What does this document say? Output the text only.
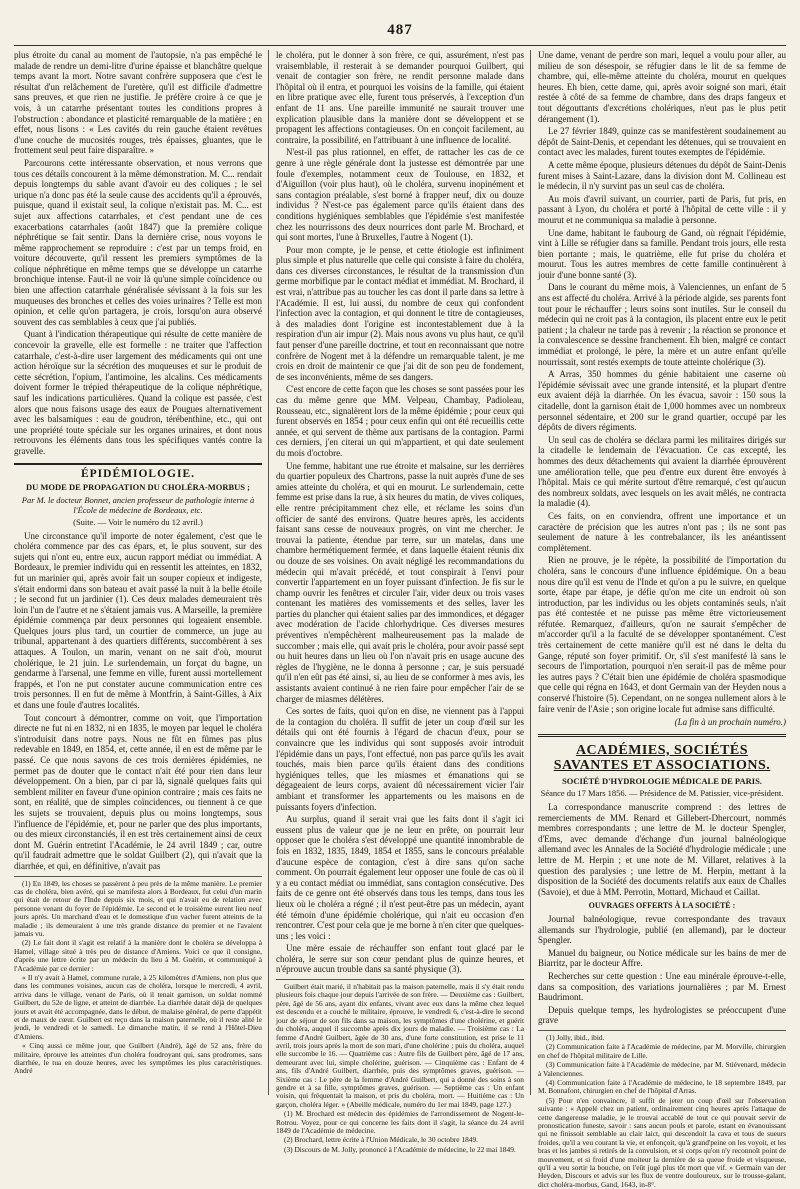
487

plus étroite du canal au moment de l'autopsie, n'a pas empêché le malade de rendre un demi-litre d'urine épaisse et blanchâtre quelque temps avant la mort. Notre savant confrère supposera que c'est le résultat d'un relâchement de l'uretère, qu'il est difficile d'admettre sans preuves, et que rien ne justifie. Je préfère croire à ce que je vois, à un catarrhe présentant toutes les conditions propres à l'obstruction : abondance et plasticité remarquable de la matière ; en effet, nous lisons : « Les cavités du rein gauche étaient revêtues d'une couche de mucosités rouges, très épaisses, gluantes, que le frottement seul peut faire disparaître. »

Parcourons cette intéressante observation, et nous verrons que tous ces détails concourent à la même démonstration. M. C... rendait depuis longtemps du sable avant d'avoir eu des coliques ; le sel urique n'a donc pas été la seule cause des accidents qu'il a éprouvés, puisque, quand il existait seul, la colique n'existait pas. M. C... est sujet aux affections catarrhales, et c'est pendant une de ces exacerbations catarrhales (août 1847) que la première colique néphrétique se fait sentir. Dans la dernière crise, nous voyons le même rapprochement se reproduire : c'est par un temps froid, en voiture découverte, qu'il ressent les premiers symptômes de la colique néphrétique en même temps que se développe un catarrhe bronchique intense. Faut-il ne voir là qu'une simple coïncidence ou bien une affection catarrhale généralisée sévissant à la fois sur les muqueuses des bronches et celles des voies urinaires ? Telle est mon opinion, et celle qu'on partagera, je crois, lorsqu'on aura observé souvent des cas semblables à ceux que j'ai publiés.

Quant à l'indication thérapeutique qui résulte de cette manière de concevoir la gravelle, elle est formelle : ne traiter que l'affection catarrhale, c'est-à-dire user largement des médicaments qui ont une action héroïque sur la sécrétion des muqueuses et sur le produit de cette sécrétion, l'opium, l'antimoine, les alcalins. Ces médicaments doivent former le trépied thérapeutique de la colique néphrétique, sauf les indications particulières. Quand la colique est passée, c'est alors que nous faisons usage des eaux de Pougues alternativement avec les balsamiques : eau de goudron, térébenthine, etc., qui ont une propriété toute spéciale sur les organes urinaires, et dont nous retrouvons les éléments dans tous les spécifiques vantés contre la gravelle.

ÉPIDÉMIOLOGIE.
DU MODE DE PROPAGATION DU CHOLÉRA-MORBUS ;
Par M. le docteur Bonnet, ancien professeur de pathologie interne à l'École de médecine de Bordeaux, etc.
(Suite. — Voir le numéro du 12 avril.)

Une circonstance qu'il importe de noter également, c'est que le choléra commence par des cas épars, et, le plus souvent, sur des sujets qui n'ont eu, entre eux, aucun rapport médiat ou immédiat. A Bordeaux, le premier individu qui en ressentit les atteintes, en 1832, fut un marinier qui, après avoir fait un souper copieux et indigeste, s'était endormi dans son bateau et avait passé la nuit à la belle étoile ; le second fut un jardinier (1). Ces deux malades demeuraient très loin l'un de l'autre et ne s'étaient jamais vus. A Marseille, la première épidémie commença par deux personnes qui logeaient ensemble. Quelques jours plus tard, un courtier de commerce, un juge au tribunal, appartenant à des quartiers différents, succombèrent à ses attaques. A Toulon, un marin, venant on ne sait d'où, mourut cholérique, le 21 juin. Le surlendemain, un forçat du bagne, un gendarme à l'arsenal, une femme en ville, furent aussi mortellement frappés, et l'on ne put constater aucune communication entre ces trois personnes. Il en fut de même à Montfrin, à Saint-Gilles, à Aix et dans une foule d'autres localités.

Tout concourt à démontrer, comme on voit, que l'importation directe ne fut ni en 1832, ni en 1835, le moyen par lequel le choléra s'introduisit dans notre pays. Nous ne fût en fûmes pas plus redevable en 1849, en 1854, et, cette année, il en est de même par le passé. Ce que nous savons de ces trois dernières épidémies, ne permet pas de douter que le contact n'ait été pour rien dans leur développement. On a bien, par ci par là, signalé quelques faits qui semblent militer en faveur d'une opinion contraire ; mais ces faits ne sont, en réalité, que de simples coïncidences, ou tiennent à ce que les sujets se trouvaient, depuis plus ou moins longtemps, sous l'influence de l'épidémie, et, pour ne parler que des plus importants, ou des mieux circonstanciés, il en est très certainement ainsi de ceux dont M. Guérin entretint l'Académie, le 24 avril 1849 ; car, outre qu'il faudrait admettre que le soldat Guilbert (2), qui n'avait que la diarrhée, et qui, en définitive, n'avait pas

(1) En 1849, les choses se passèrent à peu près de la même manière. Le premier cas de choléra, bien avéré, qui se manifesta alors à Bordeaux, fut celui d'un marin qui était de retour de l'Inde depuis six mois, et qui n'avait eu de relation avec personne venant du foyer de l'épidémie. Le second et le troisième eurent lieu neuf jours après. Un marchand d'eau et le domestique d'un vacher furent atteints de la maladie ; ils demeuraient à une très grande distance du premier et ne l'avaient jamais vu.

(2) Le fait dont il s'agit est relatif à la manière dont le choléra se développa à Hamel, village situé à très peu de distance d'Amiens. Voici ce que il consigne, d'après une lettre écrite par un médecin du lieu à M. Guérin, et communiqué à l'Académie par ce dernier :

« Il n'y avait à Hamel, commune rurale, à 25 kilomètres d'Amiens, non plus que dans les communes voisines, aucun cas de choléra, lorsque le mercredi, 4 avril, arriva dans le village, venant de Paris, où il tenait garnison, un soldat nommé Guilbert, du 52e de ligne, et atteint de diarrhée. La diarrhée datait déjà de quelques jours et avait été accompagnée, dans le début, de malaise général, de perte d'appétit et de maux de cœur. Guilbert est reçu dans la maison paternelle, où il reste alité le jeudi, le vendredi et le samedi. Le dimanche matin, il se rend à l'Hôtel-Dieu d'Amiens.

« Cinq aussi ce même jour, que Guilbert (André), âgé de 52 ans, frère du militaire, éprouve les atteintes d'un choléra foudroyant qui, sans prodromes, sans diarrhée, le tua en douze heures, avec les symptômes les plus caractéristiques. André

le choléra, put le donner à son frère, ce qui, assurément, n'est pas vraisemblable, il resterait à se demander pourquoi Guilbert, qui venait de contagier son frère, ne rendit personne malade dans l'hôpital où il entra, et pourquoi les voisins de la famille, qui étaient en libre pratique avec elle, furent tous préservés, à l'exception d'un enfant de 11 ans. Une pareille immunité ne saurait trouver une explication plausible dans la manière dont se développent et se propagent les affections contagieuses. On en conçoit facilement, au contraire, la possibilité, en l'attribuant à une influence de localité.

N'est-il pas plus rationnel, en effet, de rattacher les cas de ce genre à une règle générale dont la justesse est démontrée par une foule d'exemples, notamment ceux de Toulouse, en 1832, et d'Aiguillon (voir plus haut), où le choléra, survenu inopinément et sans contagion préalable, s'est borné à frapper neuf, dix ou douze individus ? N'est-ce pas également parce qu'ils étaient dans des conditions hygiéniques semblables que l'épidémie s'est manifestée chez les nourrissons des deux nourrices dont parle M. Brochard, et qui sont mortes, l'une à Bruxelles, l'autre à Nogent (1).

Pour mon compte, je le pense, et cette étiologie est infiniment plus simple et plus naturelle que celle qui consiste à faire du choléra, dans ces diverses circonstances, le résultat de la transmission d'un germe morbifique par le contact médiat et immédiat. M. Brochard, il est vrai, n'attribue pas au toucher les cas dont il parle dans sa lettre à l'Académie. Il est, lui aussi, du nombre de ceux qui confondent l'infection avec la contagion, et qui donnent le titre de contagieuses, à des maladies dont l'origine est incontestablement due à la respiration d'un air impur (2). Mais nous avons vu plus haut, ce qu'il faut penser d'une pareille doctrine, et tout en reconnaissant que notre confrère de Nogent met à la défendre un remarquable talent, je me crois en droit de maintenir ce que j'ai dit de son peu de fondement, de ses inconvénients, même de ses dangers.

C'est encore de cette façon que les choses se sont passées pour les cas du même genre que MM. Velpeau, Chambay, Padioleau, Rousseau, etc., signalèrent lors de la même épidémie ; pour ceux qui furent observés en 1854 ; pour ceux enfin qui ont été recueillis cette année, et qui servent de thème aux partisans de la contagion. Parmi ces derniers, j'en citerai un qui m'appartient, et qui date seulement du mois d'octobre.

Une femme, habitant une rue étroite et malsaine, sur les derrières du quartier populeux des Chartrons, passe la nuit auprès d'une de ses amies atteinte du choléra, et qui en mourut. Le surlendemain, cette femme est prise dans la rue, à six heures du matin, de vives coliques, elle rentre précipitamment chez elle, et réclame les soins d'un officier de santé des environs. Quatre heures après, les accidents faisant sans cesse de nouveaux progrès, on vint me chercher. Je trouvai la patiente, étendue par terre, sur un matelas, dans une chambre hermétiquement fermée, et dans laquelle étaient réunis dix ou douze de ses voisines. On avait négligé les recommandations du médecin qui m'avait précédé, et tout conspirait à l'envi pour convertir l'appartement en un foyer puissant d'infection. Je fis sur le champ ouvrir les fenêtres et circuler l'air, vider deux ou trois vases contenant les matières des vomissements et des selles, laver les parties du plancher qui étaient salies par des immondices, et dégager avec modération de l'acide chlorhydrique. Ces diverses mesures préventives n'empêchèrent malheureusement pas la malade de succomber ; mais elle, qui avait pris le choléra, pour avoir passé sept ou huit heures dans un lieu où l'on n'avait pris en usage aucune des règles de l'hygiène, ne le donna à personne ; car, je suis persuadé qu'il n'en eût pas été ainsi, si, au lieu de se conformer à mes avis, les assistants avaient continué à ne rien faire pour empêcher l'air de se charger de miasmes délétères.

Ces sortes de faits, quoi qu'on en dise, ne viennent pas à l'appui de la contagion du choléra. Il suffit de jeter un coup d'œil sur les détails qui ont été fournis à l'égard de chacun d'eux, pour se convaincre que les individus qui sont supposés avoir introduit l'épidémie dans un pays, l'ont effectué, non pas parce qu'ils les avait touchés, mais bien parce qu'ils étaient dans des conditions hygiéniques telles, que les miasmes et émanations qui se dégageaient de leurs corps, avaient dû nécessairement vicier l'air ambiant et transformer les appartements ou les maisons en de puissants foyers d'infection.

Au surplus, quand il serait vrai que les faits dont il s'agit ici eussent plus de valeur que je ne leur en prête, on pourrait leur opposer que le choléra s'est développé une quantité innombrable de fois en 1832, 1835, 1849, 1854 et 1855, sans le concours préalable d'aucune espèce de contagion, c'est à dire sans qu'on sache comment. On pourrait également leur opposer une foule de cas où il y a eu contact médiat ou immédiat, sans contagion consécutive. Des faits de ce genre ont été observés dans tous les temps, dans tous les lieux où le choléra a régné ; il n'est peut-être pas un médecin, ayant été témoin d'une épidémie cholérique, qui n'ait eu occasion d'en rencontrer. C'est pour cela que je me borne à n'en citer que quelques-uns ; les voici :

Une mère essaie de réchauffer son enfant tout glacé par le choléra, le serre sur son cœur pendant plus de quinze heures, et n'éprouve aucun trouble dans sa santé physique (3).

Guilbert était marié, il n'habitait pas la maison paternelle, mais il s'y était rendu plusieurs fois chaque jour depuis l'arrivée de son frère. — Deuxième cas : Guilbert, père, âgé de 56 ans, ayant dix enfants, vivant avec eux dans la même chez lequel est descendu et a couché le militaire, éprouve, le vendredi 6, c'est-à-dire le second jour de séjour de son fils dans sa maison, les symptômes d'une cholérine, et guérit du choléra, auquel il succombe après dix jours de maladie. — Troisième cas : La femme d'André Guilbert, âgée de 30 ans, d'une forte constitution, est prise le 11 avril, trois jours après la mort de son mari, d'une cholérine ; puis du choléra, auquel elle succombe le 16. — Quatrième cas : Autre fils de Guilbert père, âgé de 17 ans, demeurant avec lui, simple cholérine, guérison. — Cinquième cas : Enfant de 4 ans, fils d'André Guilbert, diarrhée, puis des symptômes graves, guérison. — Sixième cas : Le père de la femme d'André Guilbert, qui a donné des soins à son gendre et à sa fille, symptômes graves, guérison. — Septième cas : Un enfant voisin, qui fréquentait la maison, et pris du choléra, mort. — Huitième cas : Un garçon, choléra léger. » (Abeille médicale, numéro du 1er mai 1849, page 127.)

(1) M. Brochard est médecin des épidémies de l'arrondissement de Nogent-le-Rotrou. Voyez, pour ce qui concerne les faits dont il s'agit, la séance du 24 avril 1849 de l'Académie de médecine.

(2) Brochard, lettre écrite à l'Union Médicale, le 30 octobre 1849.

(3) Discours de M. Jolly, prononcé à l'Académie de médecine, le 22 mai 1849.

Une dame, venant de perdre son mari, lequel a voulu pour aller, au milieu de son désespoir, se réfugier dans le lit de sa femme de chambre, qui, elle-même atteinte du choléra, mourut en quelques heures. Eh bien, cette dame, qui, après avoir soigné son mari, était restée à côté de sa femme de chambre, dans des draps fangeux et tout dégouttants d'excrétions cholériques, n'eut pas le plus petit dérangement (1).

Le 27 février 1849, quinze cas se manifestèrent soudainement au dépôt de Saint-Denis, et cependant les détenues, qui se trouvaient en contact avec les malades, furent toutes exemptes de l'épidémie.

A cette même époque, plusieurs détenues du dépôt de Saint-Denis furent mises à Saint-Lazare, dans la division dont M. Collineau est le médecin, il n'y survint pas un seul cas de choléra.

Au mois d'avril suivant, un courrier, parti de Paris, fut pris, en passant à Lyon, du choléra et porté à l'hôpital de cette ville : il y mourut et ne communiqua sa maladie à personne.

Une dame, habitant le faubourg de Gand, où régnait l'épidémie, vint à Lille se réfugier dans sa famille. Pendant trois jours, elle resta bien portante ; mais, le quatrième, elle fut prise du choléra et mourut. Tous les autres membres de cette famille continuèrent à jouir d'une bonne santé (3).

Dans le courant du même mois, à Valenciennes, un enfant de 5 ans est affecté du choléra. Arrivé à la période algide, ses parents font tout pour le réchauffer ; leurs soins sont inutiles. Sur le conseil du médecin qui ne croit pas à la contagion, ils placent entre eux le petit patient ; la chaleur ne tarde pas à revenir ; la réaction se prononce et la convalescence se dessine franchement. Eh bien, malgré ce contact immédiat et prolongé, le père, la mère et un autre enfant qu'elle nourrissait, sont restés exempts de toute atteinte cholérique (3).

A Arras, 350 hommes du génie habitaient une caserne où l'épidémie sévissait avec une grande intensité, et la plupart d'entre eux avaient déjà la diarrhée. On les évacua, savoir : 150 sous la citadelle, dont la garnison était de 1,000 hommes avec un nombreux personnel sédentaire, et 200 sur le grand quartier, occupé par les dépôts de divers régiments.

Un seul cas de choléra se déclara parmi les militaires dirigés sur la citadelle le lendemain de l'évacuation. Ce cas excepté, les hommes des deux détachements qui avaient la diarrhée éprouvèrent une amélioration telle, que peu d'entre eux durent être envoyés à l'hôpital. Mais ce qui mérite surtout d'être remarqué, c'est qu'aucun des nombreux soldats, avec lesquels on les avait mêlés, ne contracta la maladie (4).

Ces faits, on en conviendra, offrent une importance et un caractère de précision que les autres n'ont pas ; ils ne sont pas seulement de nature à les contrebalancer, ils les anéantissent complètement.

Rien ne prouve, je le répète, la possibilité de l'importation du choléra, sans le concours d'une influence épidémique. On a beau nous dire qu'il est venu de l'Inde et qu'on a pu le suivre, en quelque sorte, étape par étape, je défie qu'on me cite un endroit où son introduction, par les individus ou les objets contaminés seuls, n'ait pas été contestée et ne puisse pas même être victorieusement réfutée. Remarquez, d'ailleurs, qu'on ne saurait s'empêcher de m'accorder qu'il a la faculté de se développer spontanément. C'est très certainement de cette manière qu'il est né dans le delta du Gange, réputé son foyer primitif. Or, s'il s'est manifesté là sans le secours de l'importation, pourquoi n'en serait-il pas de même pour les autres pays ? C'était bien une épidémie de choléra spasmodique que celle qui régna en 1643, et dont Germain van der Heyden nous a conservé l'histoire (5). Cependant, on ne songea nullement alors à le faire venir de l'Asie ; son origine locale fut admise sans difficulté.

(La fin à un prochain numéro.)
ACADÉMIES, SOCIÉTÉS SAVANTES ET ASSOCIATIONS.
SOCIÉTÉ D'HYDROLOGIE MÉDICALE DE PARIS.
Séance du 17 Mars 1856. — Présidence de M. Patissier, vice-président.

La correspondance manuscrite comprend : des lettres de remerciements de MM. Renard et Gillebert-Dhercourt, nommés membres correspondants ; une lettre de M. le docteur Spengler, d'Ems, avec demande d'échange d'un journal balnéologique allemand avec les Annales de la Société d'hydrologie médicale ; une lettre de M. Herpin ; et une note de M. Villaret, relatives à la question des paralysies ; une lettre de M. Herpin, mettant à la disposition de la Société des documents relatifs aux eaux de Challes (Savoie), et due à MM. Perrotin, Mottard, Michaud et Caillat.

OUVRAGES OFFERTS À LA SOCIÉTÉ :

Journal balnéologique, revue correspondante des travaux allemands sur l'hydrologie, publié (en allemand), par le docteur Spengler.

Manuel du baigneur, ou Notice médicale sur les bains de mer de Biarritz, par le docteur Affre.

Recherches sur cette question : Une eau minérale éprouve-t-elle, dans sa composition, des variations journalières ; par M. Ernest Baudrimont.

Depuis quelque temps, les hydrologistes se préoccupent d'une grave

(1) Jolly, ibid., ibid.

(2) Communication faite à l'Académie de médecine, par M. Morville, chirurgien en chef de l'hôpital militaire de Lille.

(3) Communication faite à l'Académie de médecine, par M. Stiévenard, médecin à Valenciennes.

(4) Communication faite à l'Académie de médecine, le 18 septembre 1849, par M. Bonnafont, chirurgien en chef de l'hôpital d'Arras.

(5) Pour n'en convaincre, il suffit de jeter un coup d'œil sur l'observation suivante : « Appelé chez un patient, ordinairement cinq heures après l'attaque de cette dangereuse maladie, je le trouvai accablé de tout ce qui pouvait servir de pronostication funeste, savoir : sans aucun pouls et parole, estant en évanouissant qui ne finissoit semblable au clair laict, qui descendoit la cava et tous de sueurs froides, qu'il a veu courant la vie, et enfonçoit, qu'à grand'peine on les voyoit, et les bras et les jambes si retirés de la convulsion, et si corps qu'on n'y reconnoît point de mouvement, et si froid d'une moiteur la dernière de sa queue froide et visqueuse, qu'il a veu sortir la bouche, on l'eût jugé plus tôt mort que vif. » Germain van der Heyden, Discours et advis sur les flux de ventre douloureux, sur le trousse-galant, dict choléra-morbus, Gand, 1643, in-8°.
